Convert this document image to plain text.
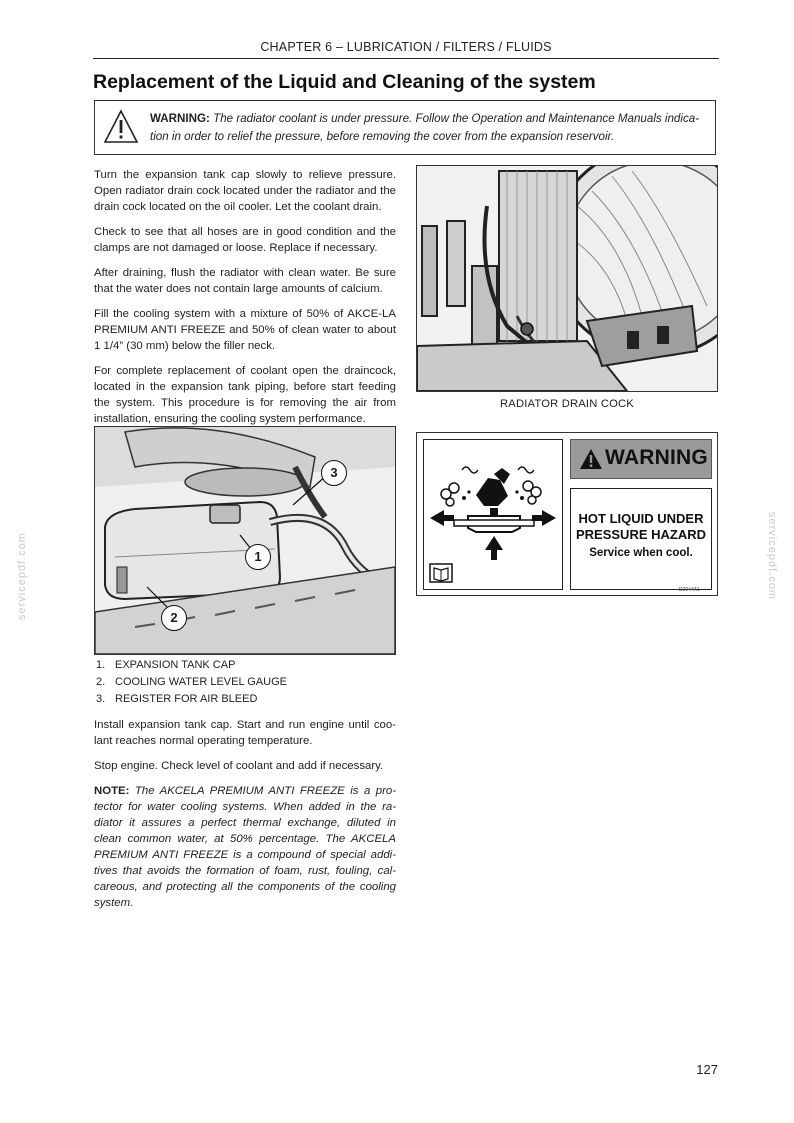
CHAPTER 6 – LUBRICATION / FILTERS / FLUIDS
Replacement of the Liquid and Cleaning of the system
WARNING: The radiator coolant is under pressure. Follow the Operation and Maintenance Manuals indica-tion in order to relief the pressure, before removing the cover from the expansion reservoir.

Turn the expansion tank cap slowly to relieve pressure. Open radiator drain cock located under the radiator and the drain cock located on the oil cooler. Let the coolant drain.

Check to see that all hoses are in good condition and the clamps are not damaged or loose. Replace if necessary.

After draining, flush the radiator with clean water. Be sure that the water does not contain large amounts of calcium.

Fill the cooling system with a mixture of 50% of AKCE-LA PREMIUM ANTI FREEZE and 50% of clean water to about 1 1/4” (30 mm) below the filler neck.

For complete replacement of coolant open the draincock, located in the expansion tank piping, before start feeding the system. This procedure is for removing the air from installation, ensuring the cooling system performance.

RADIATOR DRAIN COCK
1
2
3
1. EXPANSION TANK CAP
2. COOLING WATER LEVEL GAUGE
3. REGISTER FOR AIR BLEED

Install expansion tank cap. Start and run engine until coo-lant reaches normal operating temperature.

Stop engine. Check level of coolant and add if necessary.

NOTE: The AKCELA PREMIUM ANTI FREEZE is a pro-tector for water cooling systems. When added in the ra-diator it assures a perfect thermal exchange, diluted in clean common water, at 50% percentage. The AKCELA PREMIUM ANTI FREEZE is a compound of special addi-tives that avoids the formation of foam, rust, fouling, cal-careous, and protecting all the components of the cooling system.

WARNING
HOT LIQUID UNDER
PRESSURE HAZARD
Service when cool.
D2044A1
servicepdf.com	servicepdf.com
127
